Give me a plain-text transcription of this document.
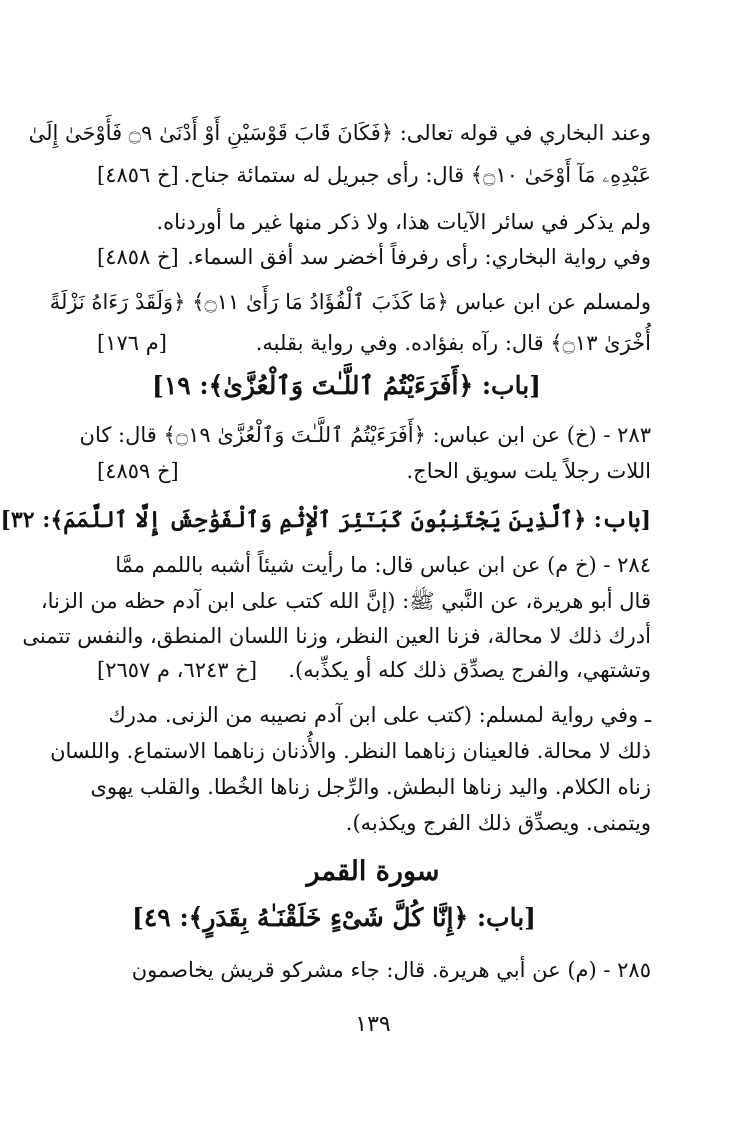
وعند البخاري في قوله تعالى: ﴿فَكَانَ قَابَ قَوْسَيْنِ أَوْ أَدْنَىٰ ۝٩ فَأَوْحَىٰ إِلَىٰ
عَبْدِهِۦ مَآ أَوْحَىٰ ۝١٠﴾ قال: رأى جبريل له ستمائة جناح.
[خ ٤٨٥٦]
ولم يذكر في سائر الآيات هذا، ولا ذكر منها غير ما أوردناه.
وفي رواية البخاري: رأى رفرفاً أخضر سد أفق السماء.
[خ ٤٨٥٨]
ولمسلم عن ابن عباس ﴿مَا كَذَبَ ٱلْفُؤَادُ مَا رَأَىٰ ۝١١﴾ ﴿وَلَقَدْ رَءَاهُ نَزْلَةً
أُخْرَىٰ ۝١٣﴾ قال: رآه بفؤاده. وفي رواية بقلبه.
[م ١٧٦]
[باب: ﴿أَفَرَءَيْتُمُ ٱللَّـٰتَ وَٱلْعُزَّىٰ﴾: ١٩]
٢٨٣ - (خ) عن ابن عباس: ﴿أَفَرَءَيْتُمُ ٱللَّـٰتَ وَٱلْعُزَّىٰ ۝١٩﴾ قال: كان
اللات رجلاً يلت سويق الحاج.
[خ ٤٨٥٩]
[باب: ﴿ٱلَّذِينَ يَجْتَنِبُونَ كَبَـٰٓئِرَ ٱلْإِثْمِ وَٱلْفَوَٰحِشَ إِلَّا ٱللَّمَمَ﴾: ٣٢]
٢٨٤ - (خ م) عن ابن عباس قال: ما رأيت شيئاً أشبه باللمم ممَّا
قال أبو هريرة، عن النَّبي ﷺ: (إنَّ الله كتب على ابن آدم حظه من الزنا،
أدرك ذلك لا محالة، فزنا العين النظر، وزنا اللسان المنطق، والنفس تتمنى
وتشتهي، والفرج يصدِّق ذلك كله أو يكذِّبه).
[خ ٦٢٤٣، م ٢٦٥٧]
ـ وفي رواية لمسلم: (كتب على ابن آدم نصيبه من الزنى. مدرك
ذلك لا محالة. فالعينان زناهما النظر. والأُذنان زناهما الاستماع. واللسان
زناه الكلام. واليد زناها البطش. والرِّجل زناها الخُطا. والقلب يهوى
ويتمنى. ويصدِّق ذلك الفرج ويكذبه).
سورة القمر
[باب: ﴿إِنَّا كُلَّ شَىْءٍ خَلَقْنَـٰهُ بِقَدَرٍ﴾: ٤٩]
٢٨٥ - (م) عن أبي هريرة. قال: جاء مشركو قريش يخاصمون
١٣٩
